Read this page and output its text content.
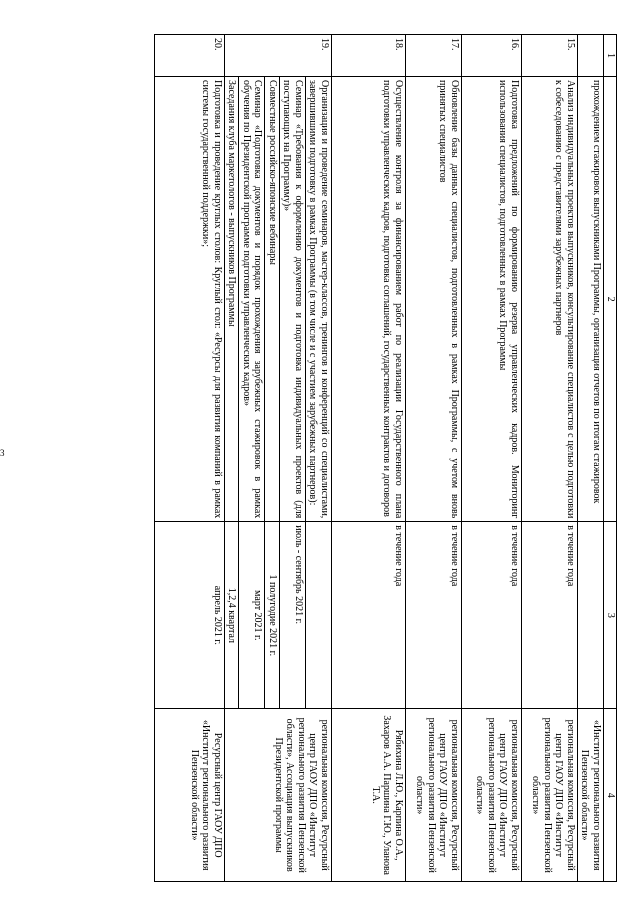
3
1	2	3	4
	прохождением стажировок выпускниками Программы, организация отчетов по итогам стажировок		«Институт регионального развития Пензенской области»
15.	Анализ индивидуальных проектов выпускников, консультирование специалистов с целью подготовки к собеседованию с представителями зарубежных партнеров	в течение года	региональная комиссия, Ресурсный центр ГАОУ ДПО «Институт регионального развития Пензенской области»
16.	Подготовка предложений по формированию резерва управленческих кадров. Мониторинг использования специалистов, подготовленных в рамках Программы	в течение года	региональная комиссия, Ресурсный центр ГАОУ ДПО «Институт регионального развития Пензенской области»
17.	Обновление базы данных специалистов, подготовленных в рамках Программы, с учетом вновь принятых специалистов	в течение года	региональная комиссия, Ресурсный центр ГАОУ ДПО «Институт регионального развития Пензенской области»
18.	Осуществление контроля за финансированием работ по реализации Государственного плана подготовки управленческих кадров, подготовка соглашений, государственных контрактов и договоров	в течение года	Рябихина Л.Ю., Карпина О.А., Захаров А.А. Паршина Г.Ю., Уланова Т.А.
19.	Организация и проведение семинаров, мастер-классов, тренингов и конференций со специалистами, завершившими подготовку в рамках Программы (в том числе и с участием зарубежных партнеров):		региональная комиссия, Ресурсный центр ГАОУ ДПО «Институт регионального развития Пензенской области», Ассоциация выпускников Президентской программы
	Семинар «Требования к оформлению документов и подготовка индивидуальных проектов (для поступающих на Программу)»	июль - сентябрь 2021 г.	
	Совместные российско-японские вебинары	1 полугодие 2021 г.	
	Семинар «Подготовка документов и порядок прохождения зарубежных стажировок в рамках обучения по Президентской программе подготовки управленческих кадров»	март 2021 г.	
	Заседания клуба маркетологов - выпускников Программы	1,2,4 квартал	
20.	Подготовка и проведение круглых столов: Круглый стол: «Ресурсы для развития компаний в рамках системы государственной поддержки»;	апрель 2021 г.	Ресурсный центр ГАОУ ДПО «Институт регионального развития Пензенской области»
